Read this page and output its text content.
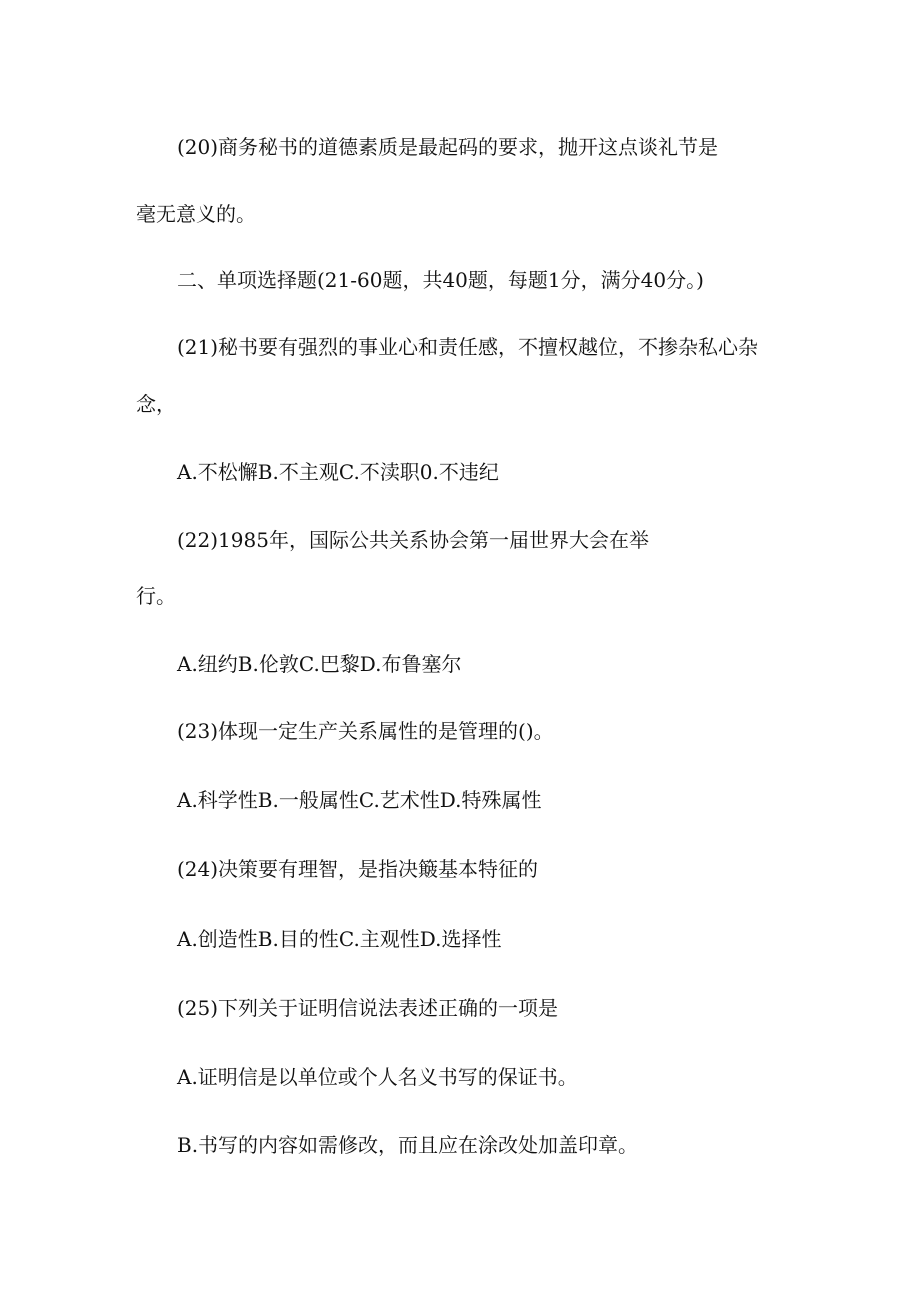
(20)商务秘书的道德素质是最起码的要求，抛开这点谈礼节是
毫无意义的。
二、单项选择题(21-60题，共40题，每题1分，满分40分。)
(21)秘书要有强烈的事业心和责任感，不擅权越位，不掺杂私心杂
念，
A.不松懈B.不主观C.不渎职0.不违纪
(22)1985年，国际公共关系协会第一届世界大会在举
行。
A.纽约B.伦敦C.巴黎D.布鲁塞尔
(23)体现一定生产关系属性的是管理的()。
A.科学性B.一般属性C.艺术性D.特殊属性
(24)决策要有理智，是指决簸基本特征的
A.创造性B.目的性C.主观性D.选择性
(25)下列关于证明信说法表述正确的一项是
A.证明信是以单位或个人名义书写的保证书。
B.书写的内容如需修改，而且应在涂改处加盖印章。
